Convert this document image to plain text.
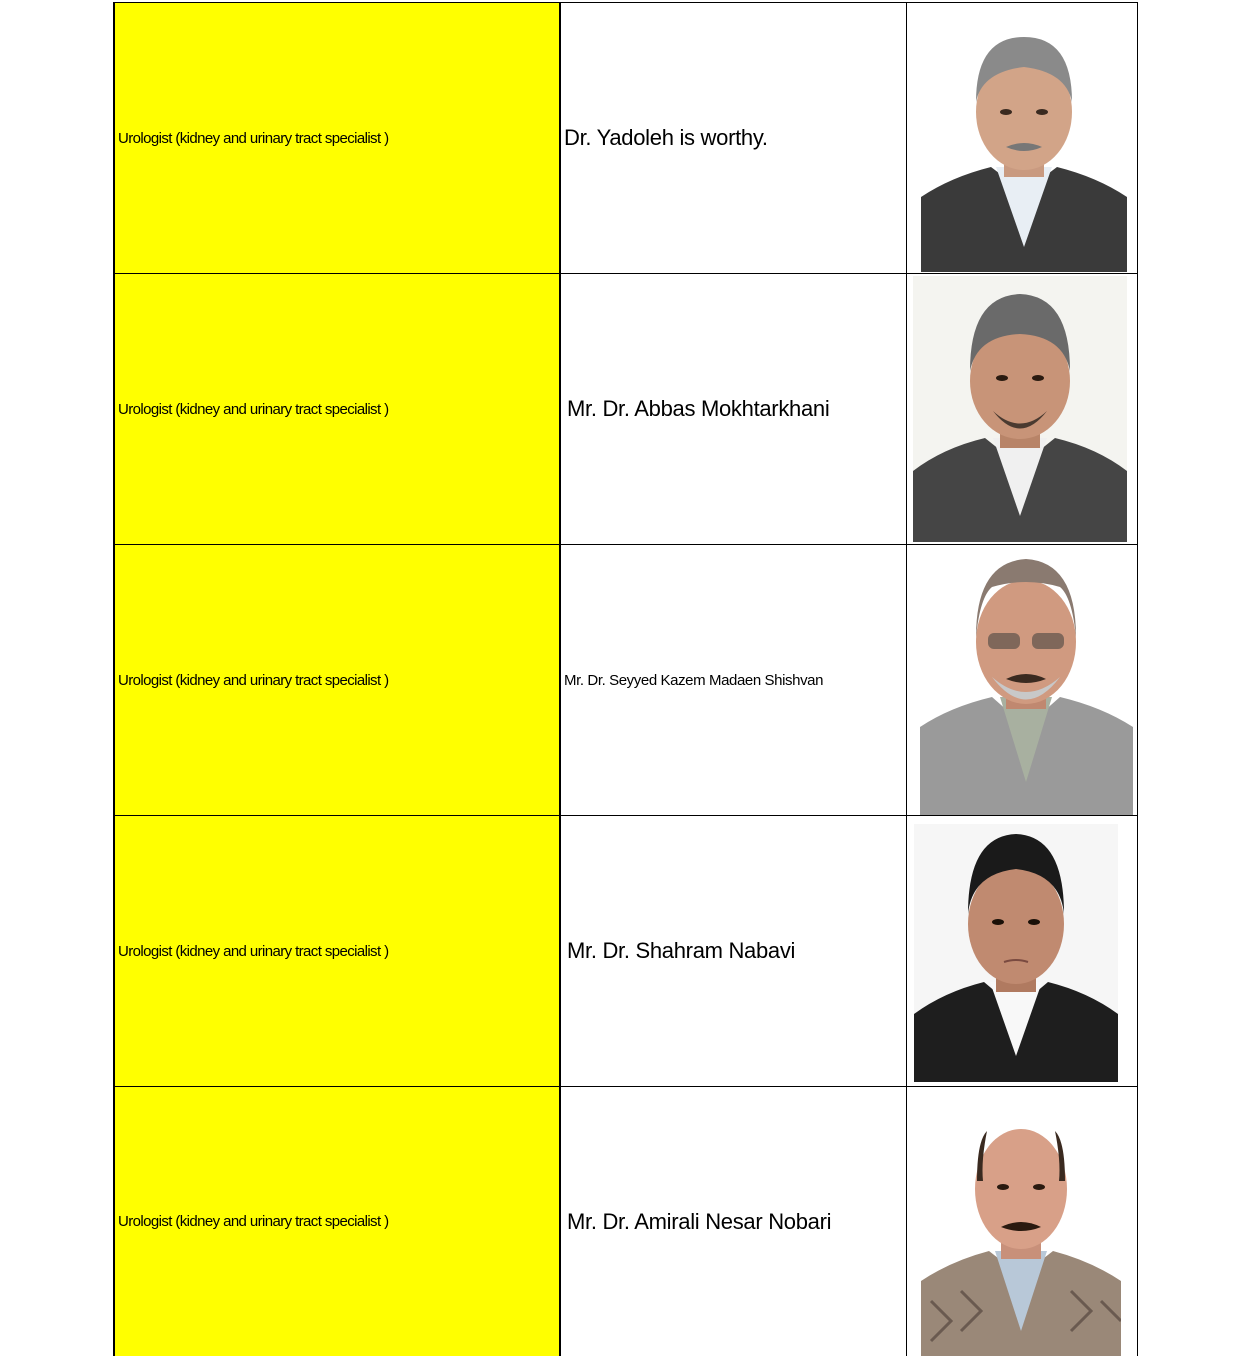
Urologist (kidney and urinary tract specialist )	Dr. Yadoleh is worthy.
Urologist (kidney and urinary tract specialist )	Mr. Dr. Abbas Mokhtarkhani
Urologist (kidney and urinary tract specialist )	Mr. Dr. Seyyed Kazem Madaen Shishvan
Urologist (kidney and urinary tract specialist )	Mr. Dr. Shahram Nabavi
Urologist (kidney and urinary tract specialist )	Mr. Dr. Amirali Nesar Nobari
